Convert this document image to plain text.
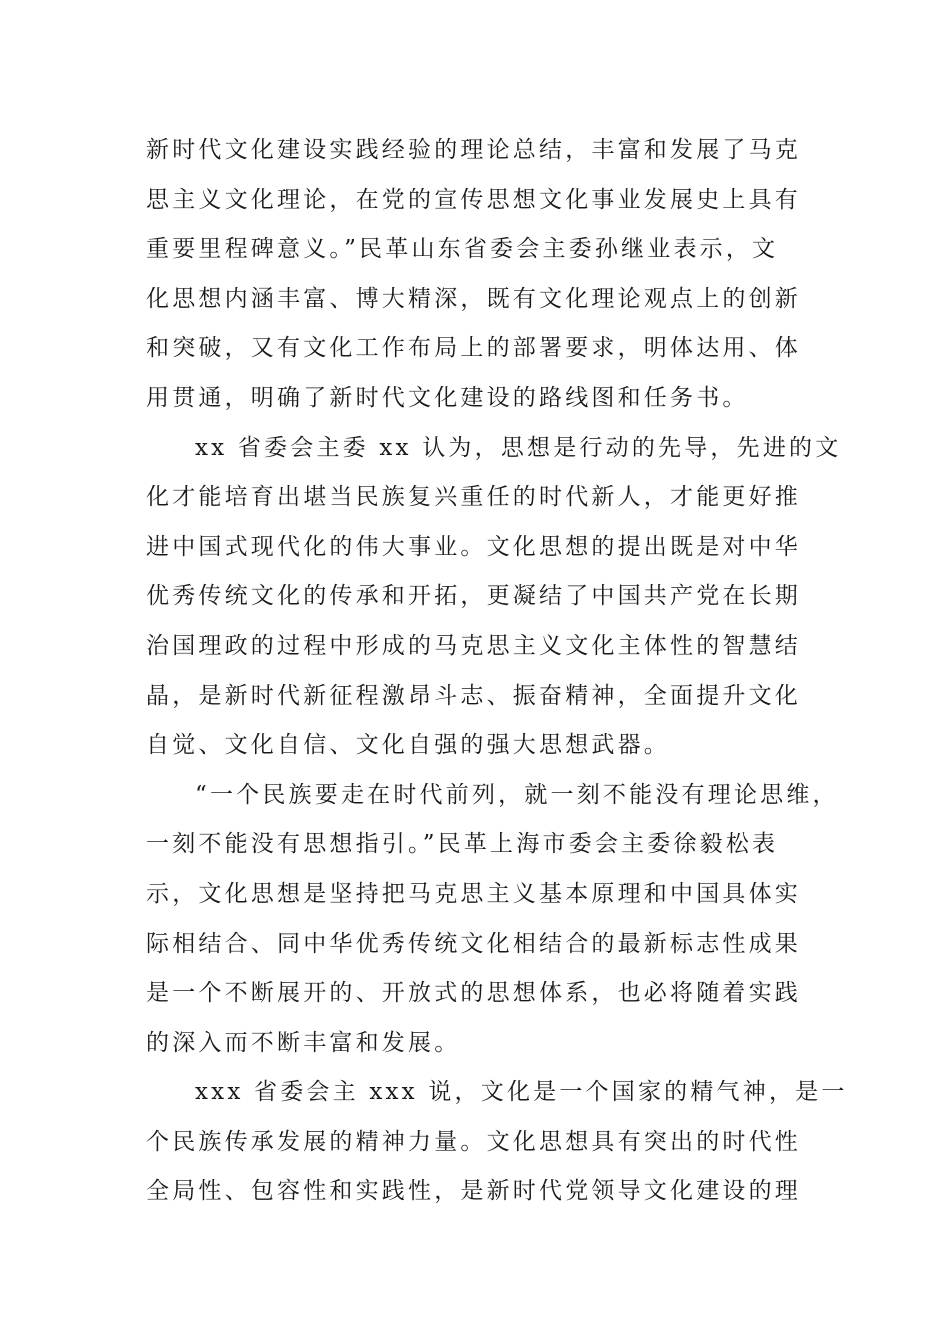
新时代文化建设实践经验的理论总结，丰富和发展了马克
思主义文化理论，在党的宣传思想文化事业发展史上具有
重要里程碑意义。”民革山东省委会主委孙继业表示，文
化思想内涵丰富、博大精深，既有文化理论观点上的创新
和突破，又有文化工作布局上的部署要求，明体达用、体
用贯通，明确了新时代文化建设的路线图和任务书。
xx 省委会主委 xx 认为，思想是行动的先导，先进的文
化才能培育出堪当民族复兴重任的时代新人，才能更好推
进中国式现代化的伟大事业。文化思想的提出既是对中华
优秀传统文化的传承和开拓，更凝结了中国共产党在长期
治国理政的过程中形成的马克思主义文化主体性的智慧结
晶，是新时代新征程激昂斗志、振奋精神，全面提升文化
自觉、文化自信、文化自强的强大思想武器。
“一个民族要走在时代前列，就一刻不能没有理论思维，
一刻不能没有思想指引。”民革上海市委会主委徐毅松表
示，文化思想是坚持把马克思主义基本原理和中国具体实
际相结合、同中华优秀传统文化相结合的最新标志性成果
是一个不断展开的、开放式的思想体系，也必将随着实践
的深入而不断丰富和发展。
xxx 省委会主 xxx 说，文化是一个国家的精气神，是一
个民族传承发展的精神力量。文化思想具有突出的时代性
全局性、包容性和实践性，是新时代党领导文化建设的理
